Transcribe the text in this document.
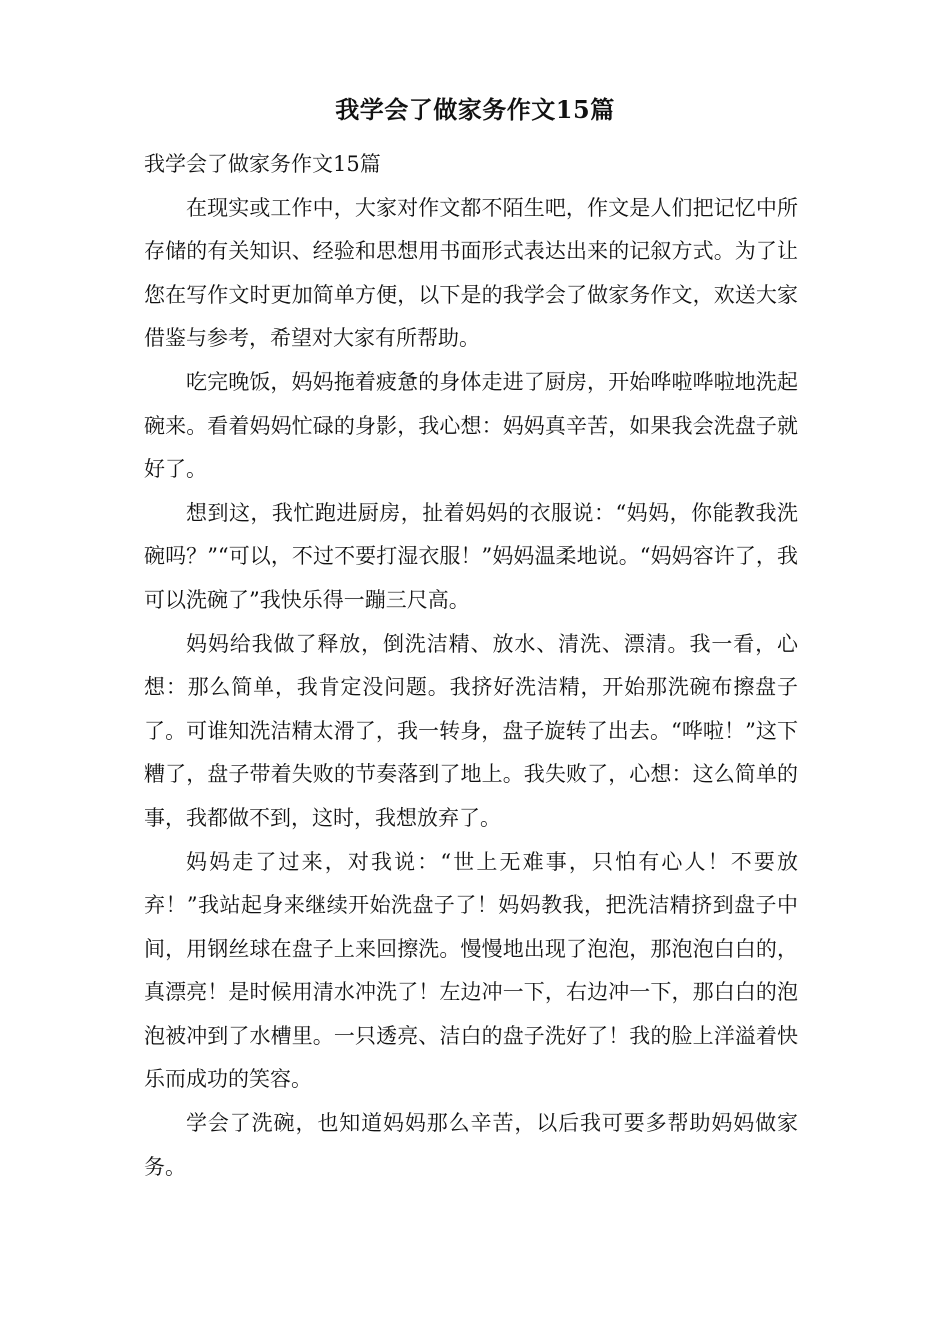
我学会了做家务作文15篇

我学会了做家务作文15篇

在现实或工作中，大家对作文都不陌生吧，作文是人们把记忆中所存储的有关知识、经验和思想用书面形式表达出来的记叙方式。为了让您在写作文时更加简单方便，以下是的我学会了做家务作文，欢送大家借鉴与参考，希望对大家有所帮助。

吃完晚饭，妈妈拖着疲惫的身体走进了厨房，开始哗啦哗啦地洗起碗来。看着妈妈忙碌的身影，我心想：妈妈真辛苦，如果我会洗盘子就好了。

想到这，我忙跑进厨房，扯着妈妈的衣服说：“妈妈，你能教我洗碗吗？”“可以，不过不要打湿衣服！”妈妈温柔地说。“妈妈容许了，我可以洗碗了”我快乐得一蹦三尺高。

妈妈给我做了释放，倒洗洁精、放水、清洗、漂清。我一看，心想：那么简单，我肯定没问题。我挤好洗洁精，开始那洗碗布擦盘子了。可谁知洗洁精太滑了，我一转身，盘子旋转了出去。“哗啦！”这下糟了，盘子带着失败的节奏落到了地上。我失败了，心想：这么简单的事，我都做不到，这时，我想放弃了。

妈妈走了过来，对我说：“世上无难事，只怕有心人！不要放弃！”我站起身来继续开始洗盘子了！妈妈教我，把洗洁精挤到盘子中间，用钢丝球在盘子上来回擦洗。慢慢地出现了泡泡，那泡泡白白的，真漂亮！是时候用清水冲洗了！左边冲一下，右边冲一下，那白白的泡泡被冲到了水槽里。一只透亮、洁白的盘子洗好了！我的脸上洋溢着快乐而成功的笑容。

学会了洗碗，也知道妈妈那么辛苦，以后我可要多帮助妈妈做家务。
